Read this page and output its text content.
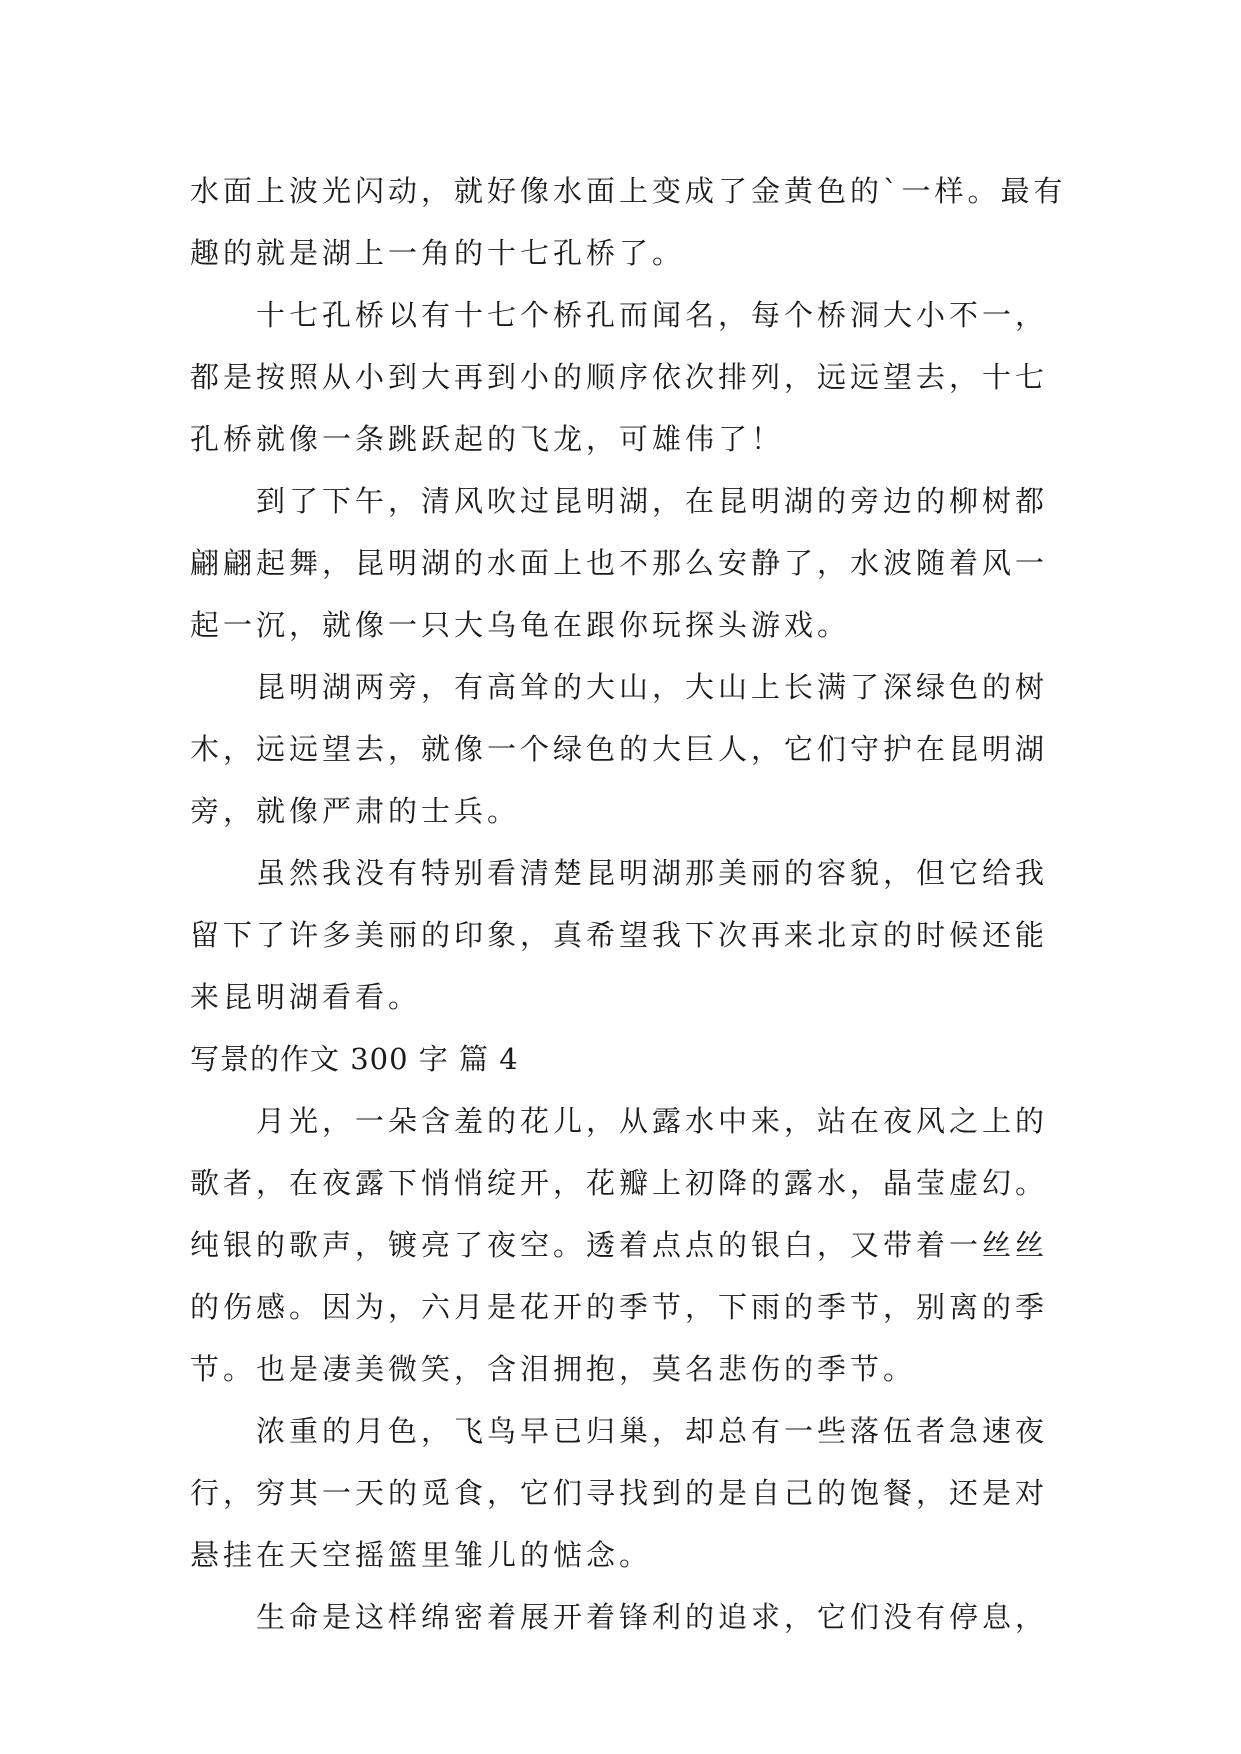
水面上波光闪动，就好像水面上变成了金黄色的`一样。最有趣的就是湖上一角的十七孔桥了。

十七孔桥以有十七个桥孔而闻名，每个桥洞大小不一，都是按照从小到大再到小的顺序依次排列，远远望去，十七孔桥就像一条跳跃起的飞龙，可雄伟了！

到了下午，清风吹过昆明湖，在昆明湖的旁边的柳树都翩翩起舞，昆明湖的水面上也不那么安静了，水波随着风一起一沉，就像一只大乌龟在跟你玩探头游戏。

昆明湖两旁，有高耸的大山，大山上长满了深绿色的树木，远远望去，就像一个绿色的大巨人，它们守护在昆明湖旁，就像严肃的士兵。

虽然我没有特别看清楚昆明湖那美丽的容貌，但它给我留下了许多美丽的印象，真希望我下次再来北京的时候还能来昆明湖看看。

写景的作文 300 字 篇 4

月光，一朵含羞的花儿，从露水中来，站在夜风之上的歌者，在夜露下悄悄绽开，花瓣上初降的露水，晶莹虚幻。纯银的歌声，镀亮了夜空。透着点点的银白，又带着一丝丝的伤感。因为，六月是花开的季节，下雨的季节，别离的季节。也是凄美微笑，含泪拥抱，莫名悲伤的季节。

浓重的月色，飞鸟早已归巢，却总有一些落伍者急速夜行，穷其一天的觅食，它们寻找到的是自己的饱餐，还是对悬挂在天空摇篮里雏儿的惦念。

生命是这样绵密着展开着锋利的追求，它们没有停息，
